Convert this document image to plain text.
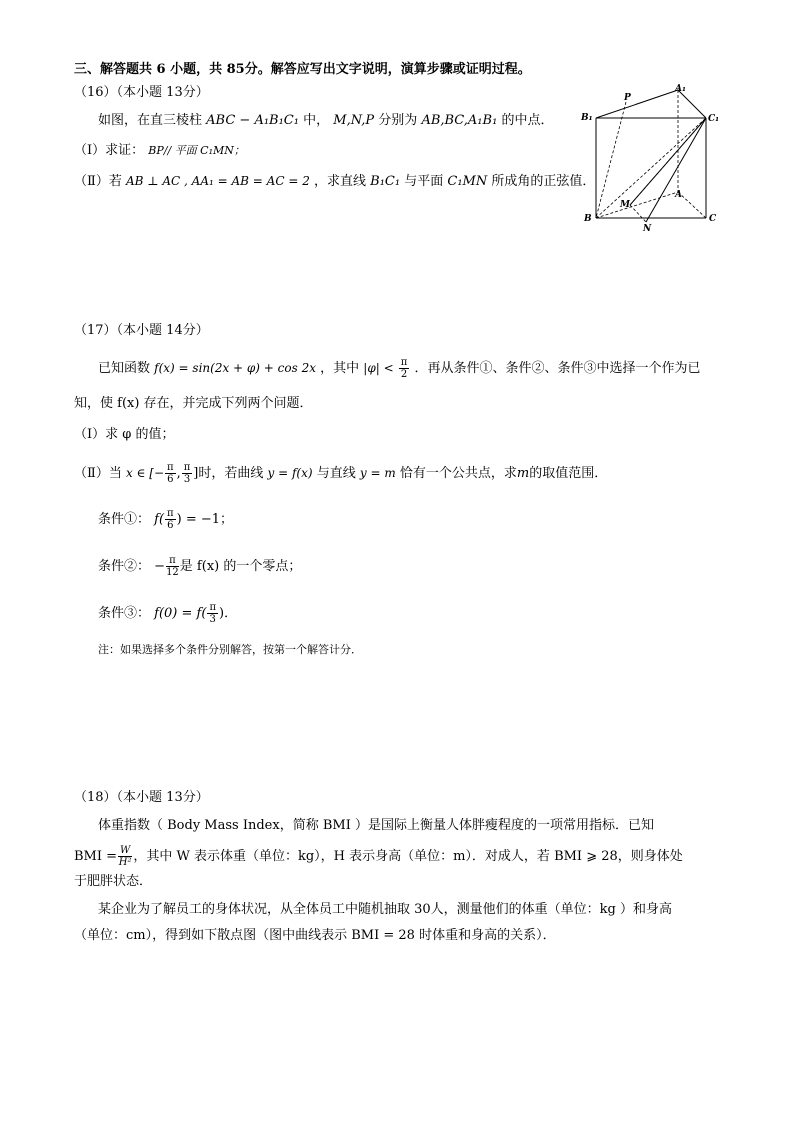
三、解答题共 6 小题，共 85分。解答应写出文字说明，演算步骤或证明过程。
（16）（本小题 13分）
如图，在直三棱柱 ABC − A₁B₁C₁ 中， M,N,P 分别为 AB,BC,A₁B₁ 的中点．
（Ⅰ）求证： BP// 平面 C₁MN；
（Ⅱ）若 AB ⊥ AC , AA₁ = AB = AC = 2 ，求直线 B₁C₁ 与平面 C₁MN 所成角的正弦值．
B₁
P
A₁
C₁
M
A
B
N
C
（17）（本小题 14分）
已知函数 f(x) = sin(2x + φ) + cos 2x ，其中 $|\varphi| < \frac{\pi}{2}$ ．再从条件①、条件②、条件③中选择一个作为已
知，使 f(x) 存在，并完成下列两个问题．
（Ⅰ）求 φ 的值；
（Ⅱ）当 x ∈ [− $\frac{\pi}{6}$ , $\frac{\pi}{3}$ ]时，若曲线 y = f(x) 与直线 y = m 恰有一个公共点，求m的取值范围．
条件①： $f( \frac{\pi}{6}$ ) = −1；
条件②： − $\frac{\pi}{12}$ 是 f(x) 的一个零点；
条件③： $f(0) = f( \frac{\pi}{3}$ )．
注：如果选择多个条件分别解答，按第一个解答计分．
（18）（本小题 13分）
体重指数（ Body Mass Index，简称 BMI ）是国际上衡量人体胖瘦程度的一项常用指标．已知
BMI = $\frac{W}{\text{H²}}$ ，其中 W 表示体重（单位：kg），H 表示身高（单位：m）．对成人，若 BMI ⩾ 28，则身体处
于肥胖状态．
某企业为了解员工的身体状况，从全体员工中随机抽取 30人，测量他们的体重（单位：kg ）和身高
（单位：cm），得到如下散点图（图中曲线表示 BMI = 28 时体重和身高的关系）．
